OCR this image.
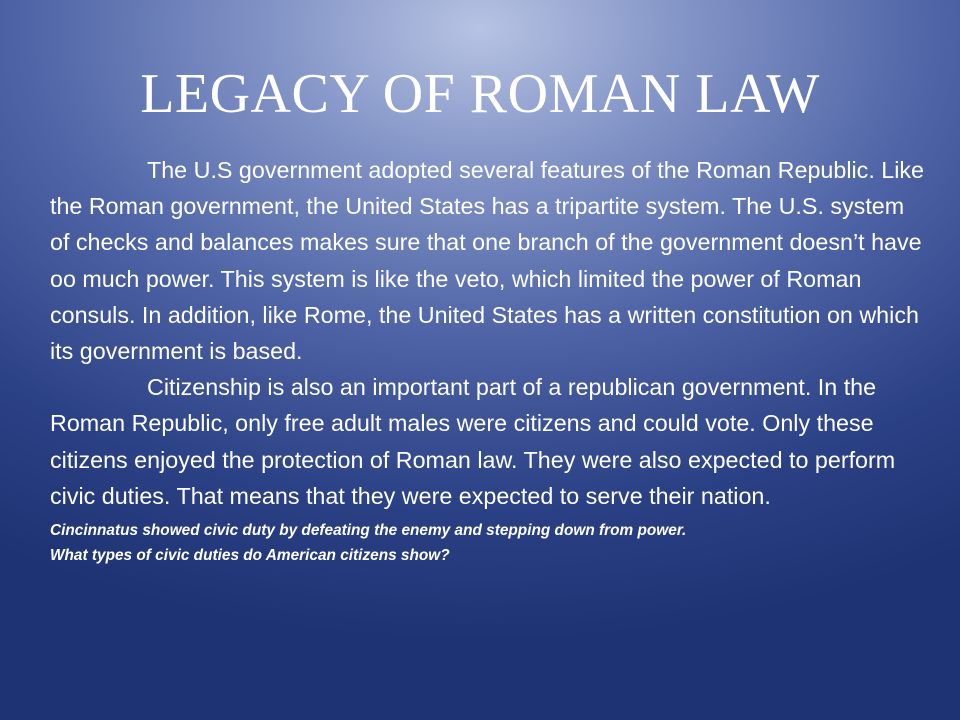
LEGACY OF ROMAN LAW

The U.S government adopted several features of the Roman Republic. Like the Roman government, the United States has a tripartite system. The U.S. system of checks and balances makes sure that one branch of the government doesn’t have oo much power. This system is like the veto, which limited the power of Roman consuls. In addition, like Rome, the United States has a written constitution on which its government is based.

Citizenship is also an important part of a republican government. In the Roman Republic, only free adult males were citizens and could vote. Only these citizens enjoyed the protection of Roman law. They were also expected to perform civic duties. That means that they were expected to serve their nation.

Cincinnatus showed civic duty by defeating the enemy and stepping down from power.

What types of civic duties do American citizens show?
